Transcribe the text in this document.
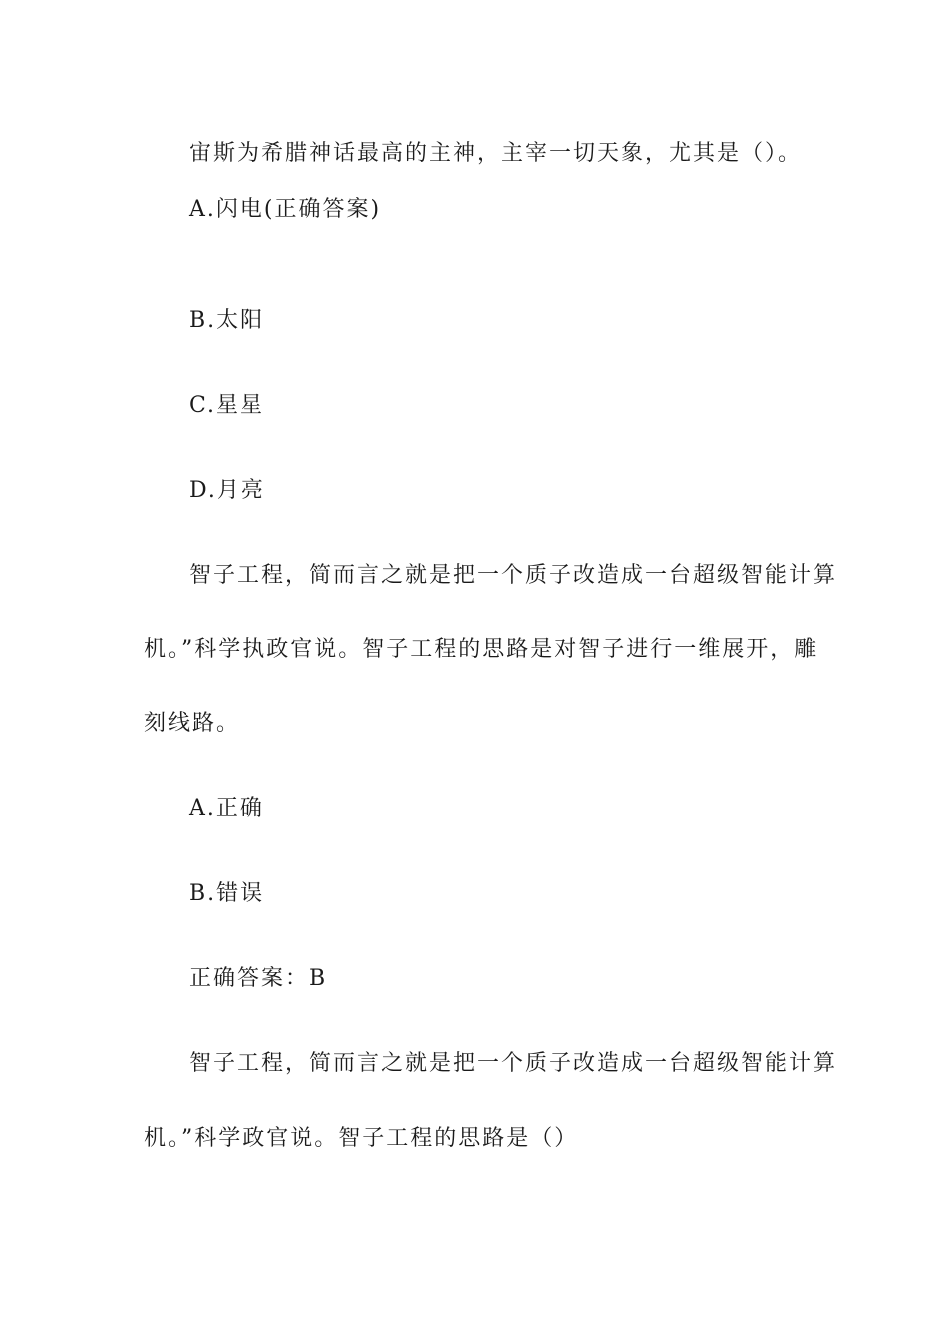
宙斯为希腊神话最高的主神，主宰一切天象，尤其是（）。
A.闪电(正确答案)
B.太阳
C.星星
D.月亮
智子工程，简而言之就是把一个质子改造成一台超级智能计算
机。”科学执政官说。智子工程的思路是对智子进行一维展开，雕
刻线路。
A.正确
B.错误
正确答案：B
智子工程，简而言之就是把一个质子改造成一台超级智能计算
机。”科学政官说。智子工程的思路是（）
